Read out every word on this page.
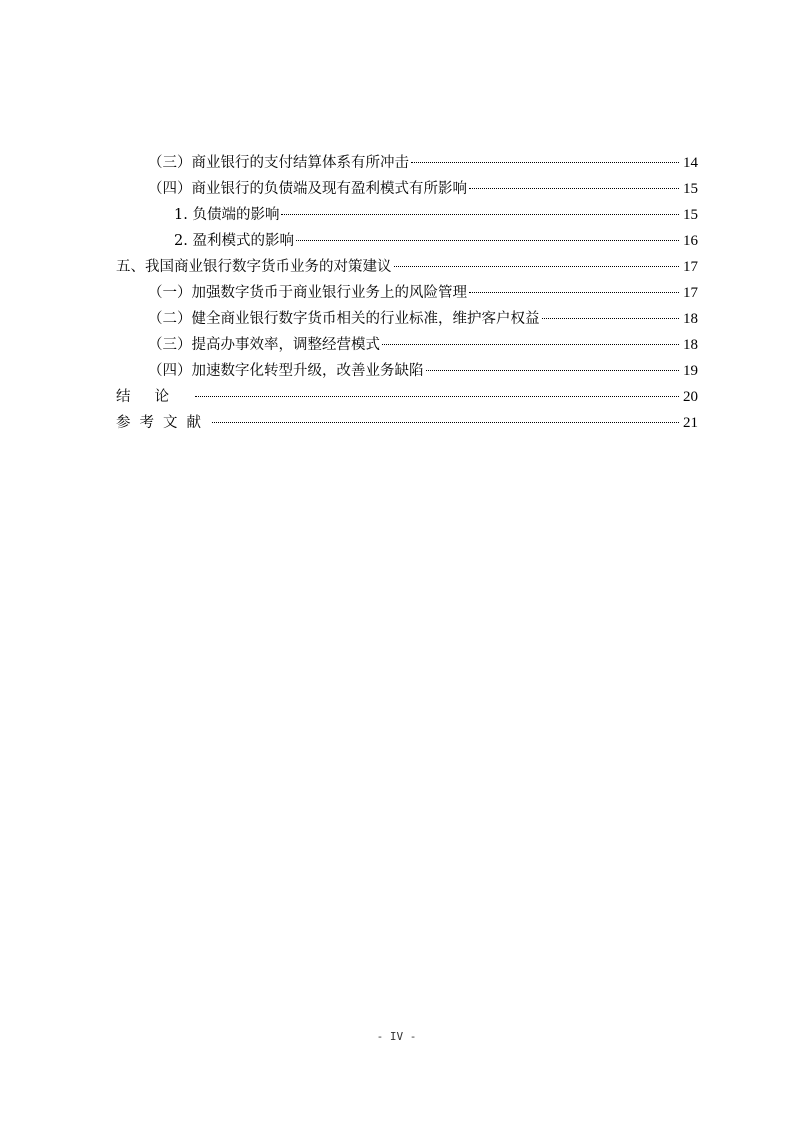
（三）商业银行的支付结算体系有所冲击	14
（四）商业银行的负债端及现有盈利模式有所影响	15
1. 负债端的影响	15
2. 盈利模式的影响	16
五、我国商业银行数字货币业务的对策建议	17
（一）加强数字货币于商业银行业务上的风险管理	17
（二）健全商业银行数字货币相关的行业标准，维护客户权益	18
（三）提高办事效率，调整经营模式	18
（四）加速数字化转型升级，改善业务缺陷	19
结论	20
参考文献	21
- IV -
